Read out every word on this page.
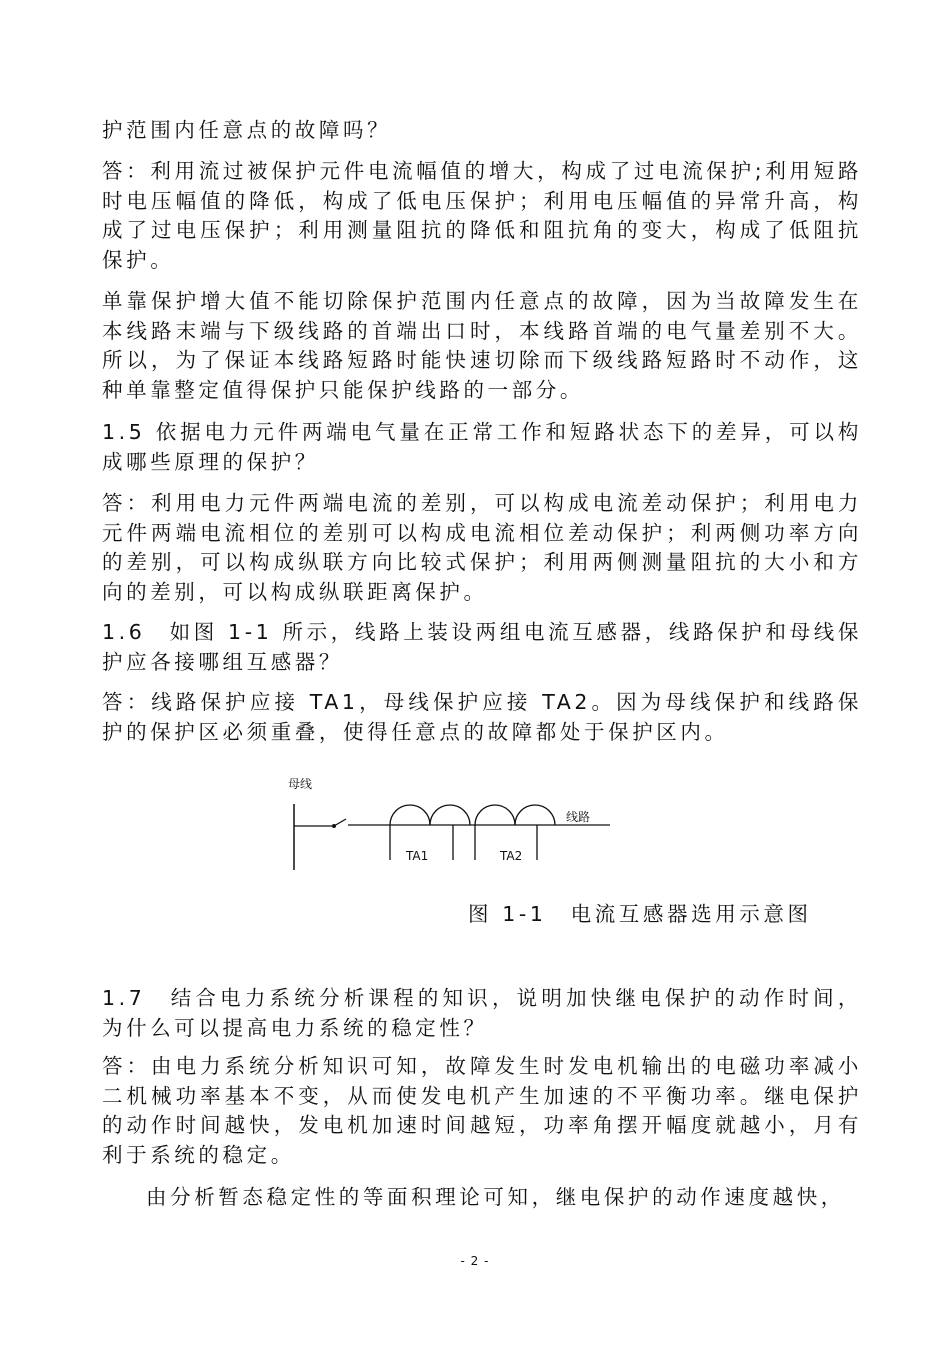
护范围内任意点的故障吗？

答：利用流过被保护元件电流幅值的增大，构成了过电流保护;利用短路时电压幅值的降低，构成了低电压保护；利用电压幅值的异常升高，构成了过电压保护；利用测量阻抗的降低和阻抗角的变大，构成了低阻抗保护。

单靠保护增大值不能切除保护范围内任意点的故障，因为当故障发生在本线路末端与下级线路的首端出口时，本线路首端的电气量差别不大。所以，为了保证本线路短路时能快速切除而下级线路短路时不动作，这种单靠整定值得保护只能保护线路的一部分。

1.5 依据电力元件两端电气量在正常工作和短路状态下的差异，可以构成哪些原理的保护？

答：利用电力元件两端电流的差别，可以构成电流差动保护；利用电力元件两端电流相位的差别可以构成电流相位差动保护；利两侧功率方向的差别，可以构成纵联方向比较式保护；利用两侧测量阻抗的大小和方向的差别，可以构成纵联距离保护。

1.6　如图 1-1 所示，线路上装设两组电流互感器，线路保护和母线保护应各接哪组互感器？

答：线路保护应接 TA1，母线保护应接 TA2。因为母线保护和线路保护的保护区必须重叠，使得任意点的故障都处于保护区内。

母线
线路
TA1	TA2
图 1-1　电流互感器选用示意图

1.7　结合电力系统分析课程的知识，说明加快继电保护的动作时间，为什么可以提高电力系统的稳定性？

答：由电力系统分析知识可知，故障发生时发电机输出的电磁功率减小二机械功率基本不变，从而使发电机产生加速的不平衡功率。继电保护的动作时间越快，发电机加速时间越短，功率角摆开幅度就越小，月有利于系统的稳定。

由分析暂态稳定性的等面积理论可知，继电保护的动作速度越快，

- 2 -
